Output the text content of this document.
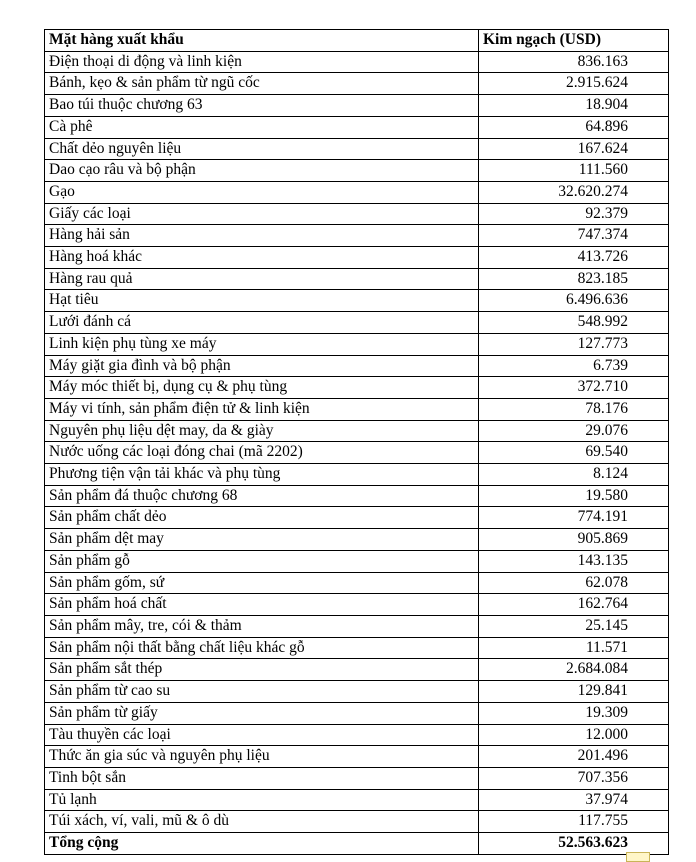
Mặt hàng xuất khẩu	Kim ngạch (USD)
Điện thoại di động và linh kiện	836.163
Bánh, kẹo & sản phẩm từ ngũ cốc	2.915.624
Bao túi thuộc chương 63	18.904
Cà phê	64.896
Chất dẻo nguyên liệu	167.624
Dao cạo râu và bộ phận	111.560
Gạo	32.620.274
Giấy các loại	92.379
Hàng hải sản	747.374
Hàng hoá khác	413.726
Hàng rau quả	823.185
Hạt tiêu	6.496.636
Lưới đánh cá	548.992
Linh kiện phụ tùng xe máy	127.773
Máy giặt gia đình và bộ phận	6.739
Máy móc thiết bị, dụng cụ & phụ tùng	372.710
Máy vi tính, sản phẩm điện tử & linh kiện	78.176
Nguyên phụ liệu dệt may, da & giày	29.076
Nước uống các loại đóng chai (mã 2202)	69.540
Phương tiện vận tải khác và phụ tùng	8.124
Sản phẩm đá thuộc chương 68	19.580
Sản phẩm chất dẻo	774.191
Sản phẩm dệt may	905.869
Sản phẩm gỗ	143.135
Sản phẩm gốm, sứ	62.078
Sản phẩm hoá chất	162.764
Sản phẩm mây, tre, cói & thảm	25.145
Sản phẩm nội thất bằng chất liệu khác gỗ	11.571
Sản phẩm sắt thép	2.684.084
Sản phẩm từ cao su	129.841
Sản phẩm từ giấy	19.309
Tàu thuyền các loại	12.000
Thức ăn gia súc và nguyên phụ liệu	201.496
Tinh bột sắn	707.356
Tủ lạnh	37.974
Túi xách, ví, vali, mũ & ô dù	117.755
Tổng cộng	52.563.623
